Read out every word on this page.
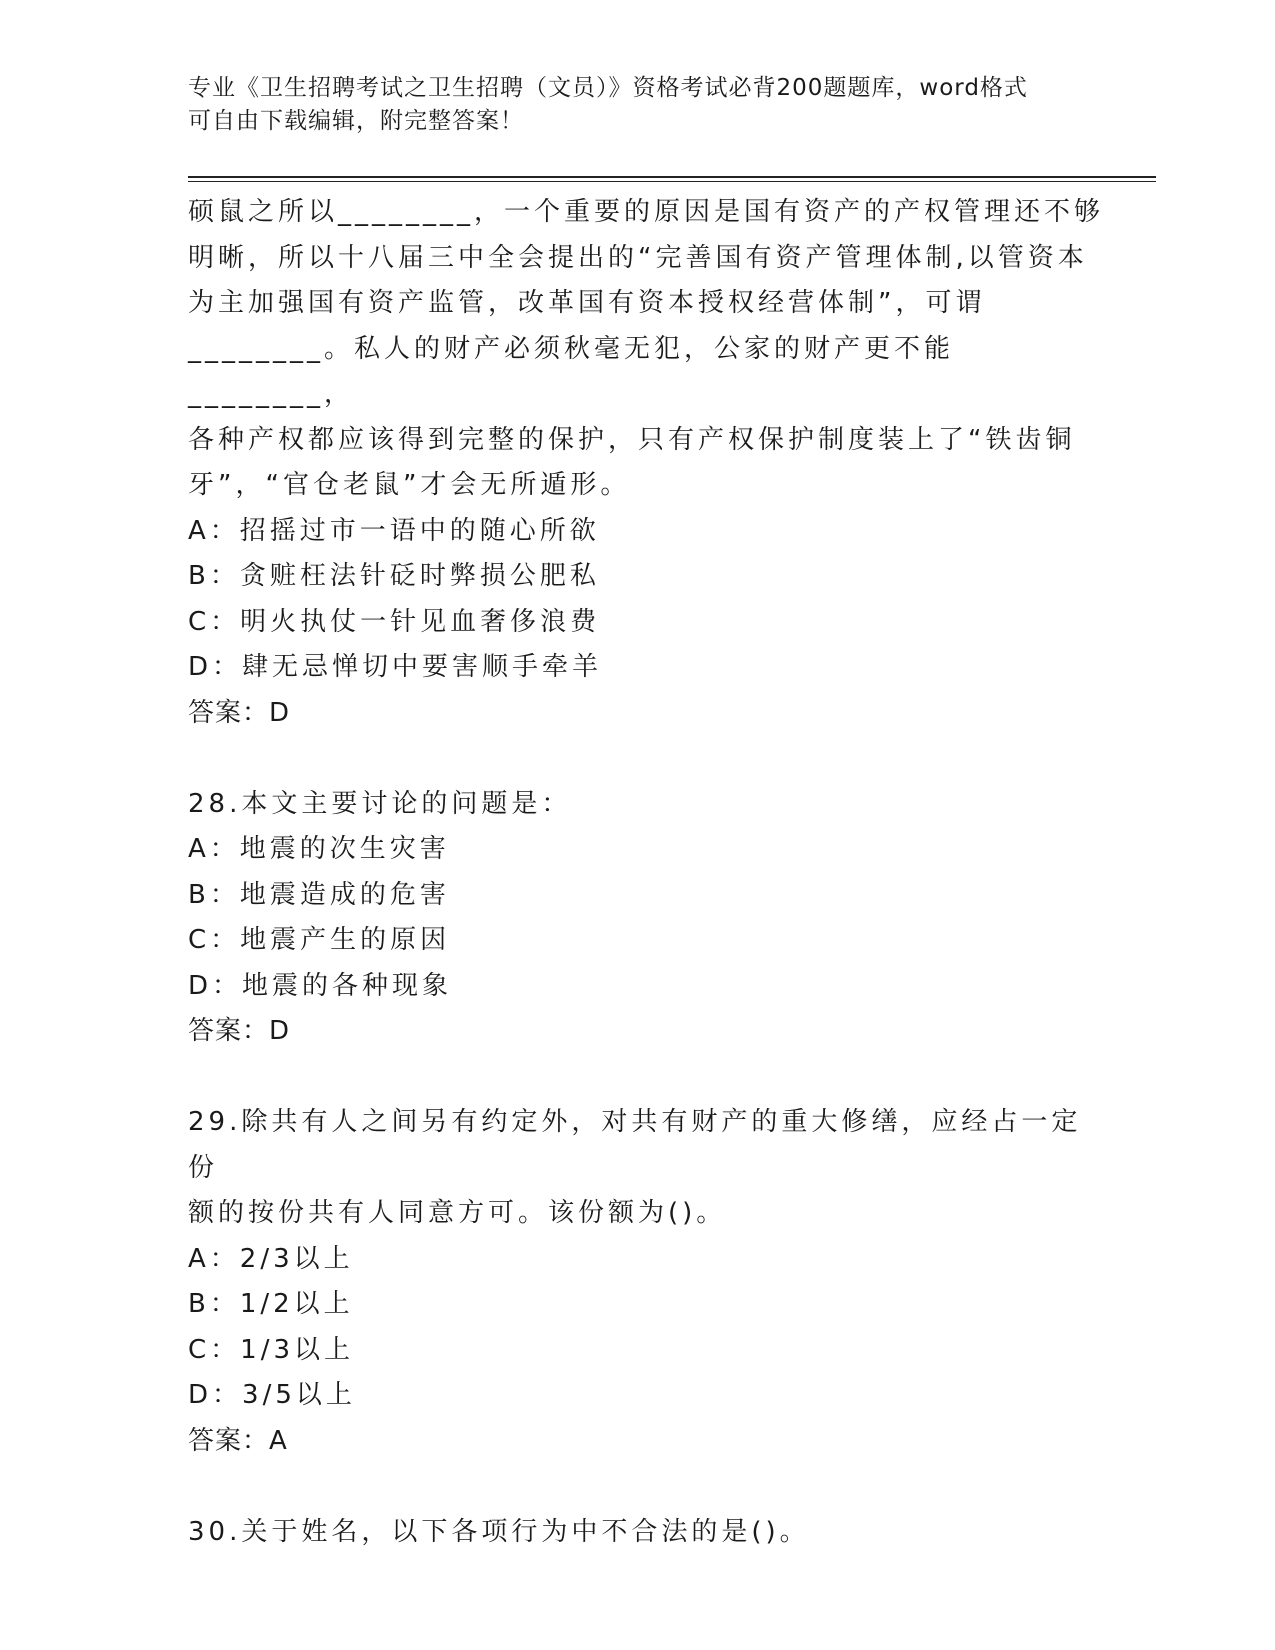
专业《卫生招聘考试之卫生招聘（文员）》资格考试必背200题题库，word格式
可自由下载编辑，附完整答案！

硕鼠之所以________，一个重要的原因是国有资产的产权管理还不够

明晰，所以十八届三中全会提出的“完善国有资产管理体制,以管资本

为主加强国有资产监管，改革国有资本授权经营体制”，可谓

________。私人的财产必须秋毫无犯，公家的财产更不能________，

各种产权都应该得到完整的保护，只有产权保护制度装上了“铁齿铜

牙”，“官仓老鼠”才会无所遁形。

A：招摇过市一语中的随心所欲

B：贪赃枉法针砭时弊损公肥私

C：明火执仗一针见血奢侈浪费

D：肆无忌惮切中要害顺手牵羊

答案：D

28.本文主要讨论的问题是：

A：地震的次生灾害

B：地震造成的危害

C：地震产生的原因

D：地震的各种现象

答案：D

29.除共有人之间另有约定外，对共有财产的重大修缮，应经占一定份

额的按份共有人同意方可。该份额为()。

A：2/3以上

B：1/2以上

C：1/3以上

D：3/5以上

答案：A

30.关于姓名，以下各项行为中不合法的是()。
